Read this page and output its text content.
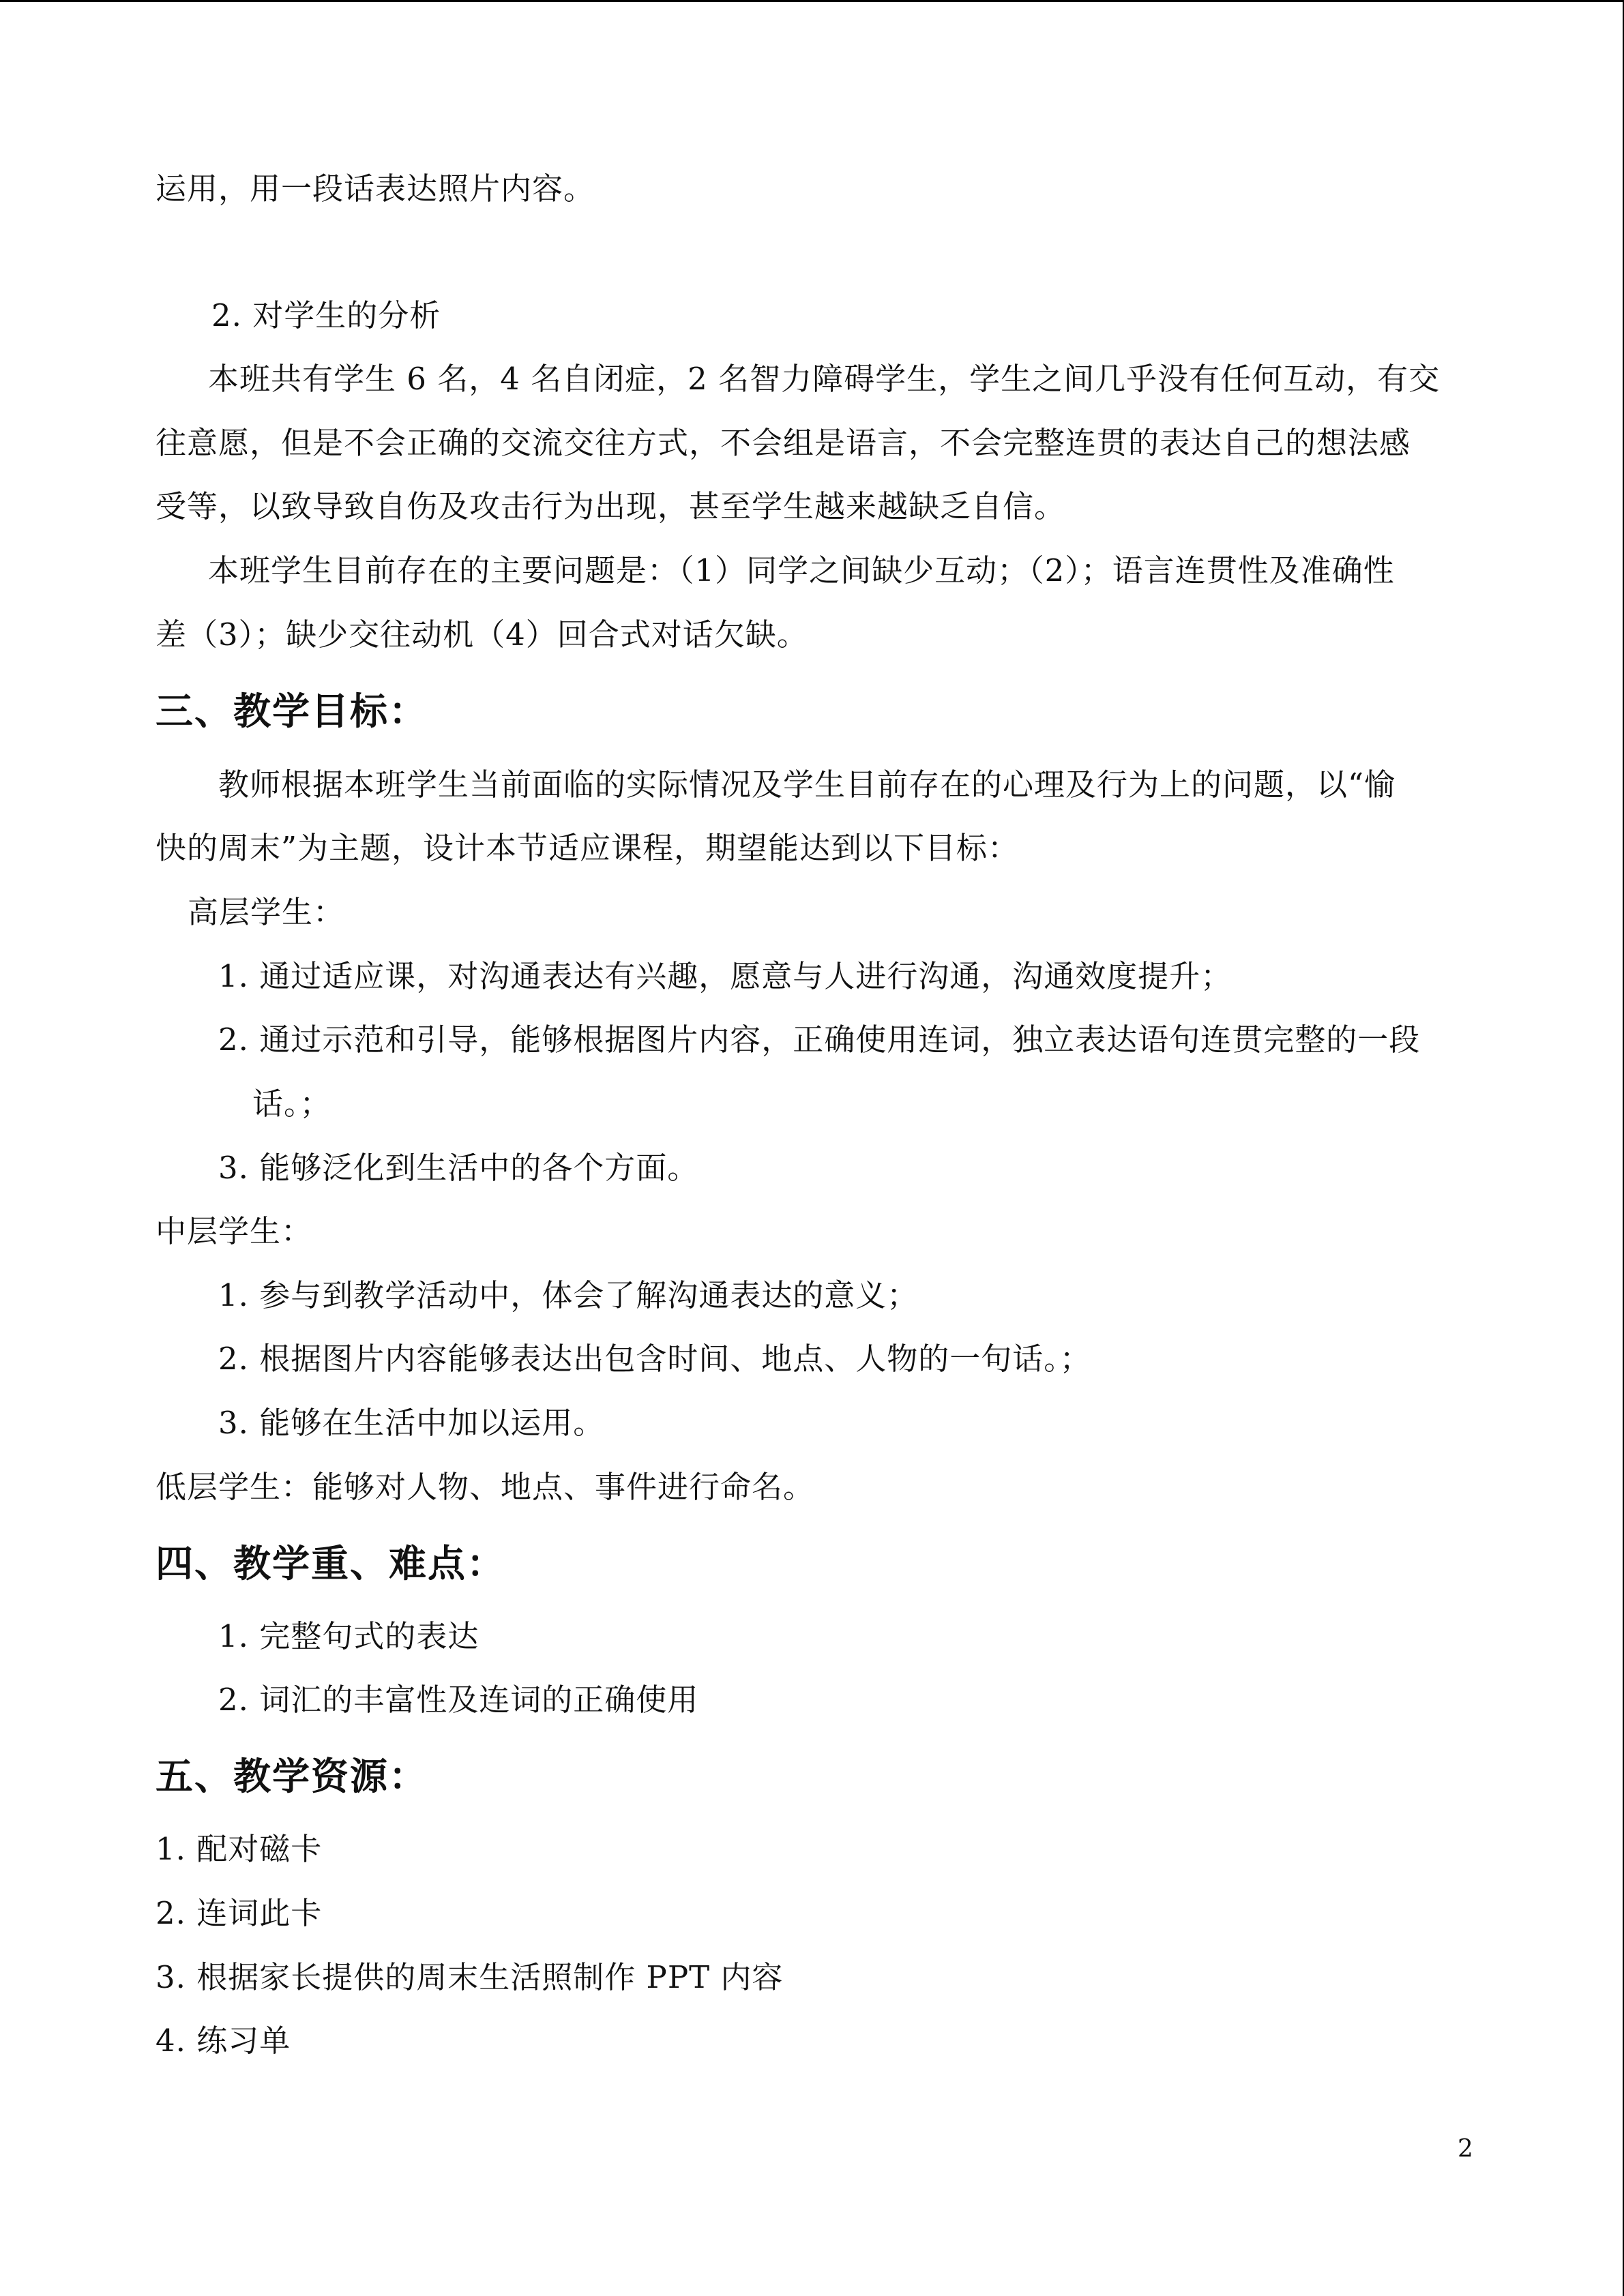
运用，用一段话表达照片内容。
2. 对学生的分析
本班共有学生 6 名，4 名自闭症，2 名智力障碍学生，学生之间几乎没有任何互动，有交
往意愿，但是不会正确的交流交往方式，不会组是语言，不会完整连贯的表达自己的想法感
受等，以致导致自伤及攻击行为出现，甚至学生越来越缺乏自信。
本班学生目前存在的主要问题是：（1）同学之间缺少互动；（2）；语言连贯性及准确性
差（3）；缺少交往动机（4）回合式对话欠缺。
三、教学目标：
教师根据本班学生当前面临的实际情况及学生目前存在的心理及行为上的问题，以“愉
快的周末”为主题，设计本节适应课程，期望能达到以下目标：
高层学生：
1. 通过适应课，对沟通表达有兴趣，愿意与人进行沟通，沟通效度提升；
2. 通过示范和引导，能够根据图片内容，正确使用连词，独立表达语句连贯完整的一段
话。；
3. 能够泛化到生活中的各个方面。
中层学生：
1. 参与到教学活动中，体会了解沟通表达的意义；
2. 根据图片内容能够表达出包含时间、地点、人物的一句话。；
3. 能够在生活中加以运用。
低层学生：能够对人物、地点、事件进行命名。
四、教学重、难点：
1. 完整句式的表达
2. 词汇的丰富性及连词的正确使用
五、教学资源：
1. 配对磁卡
2. 连词此卡
3. 根据家长提供的周末生活照制作 PPT 内容
4. 练习单
2
